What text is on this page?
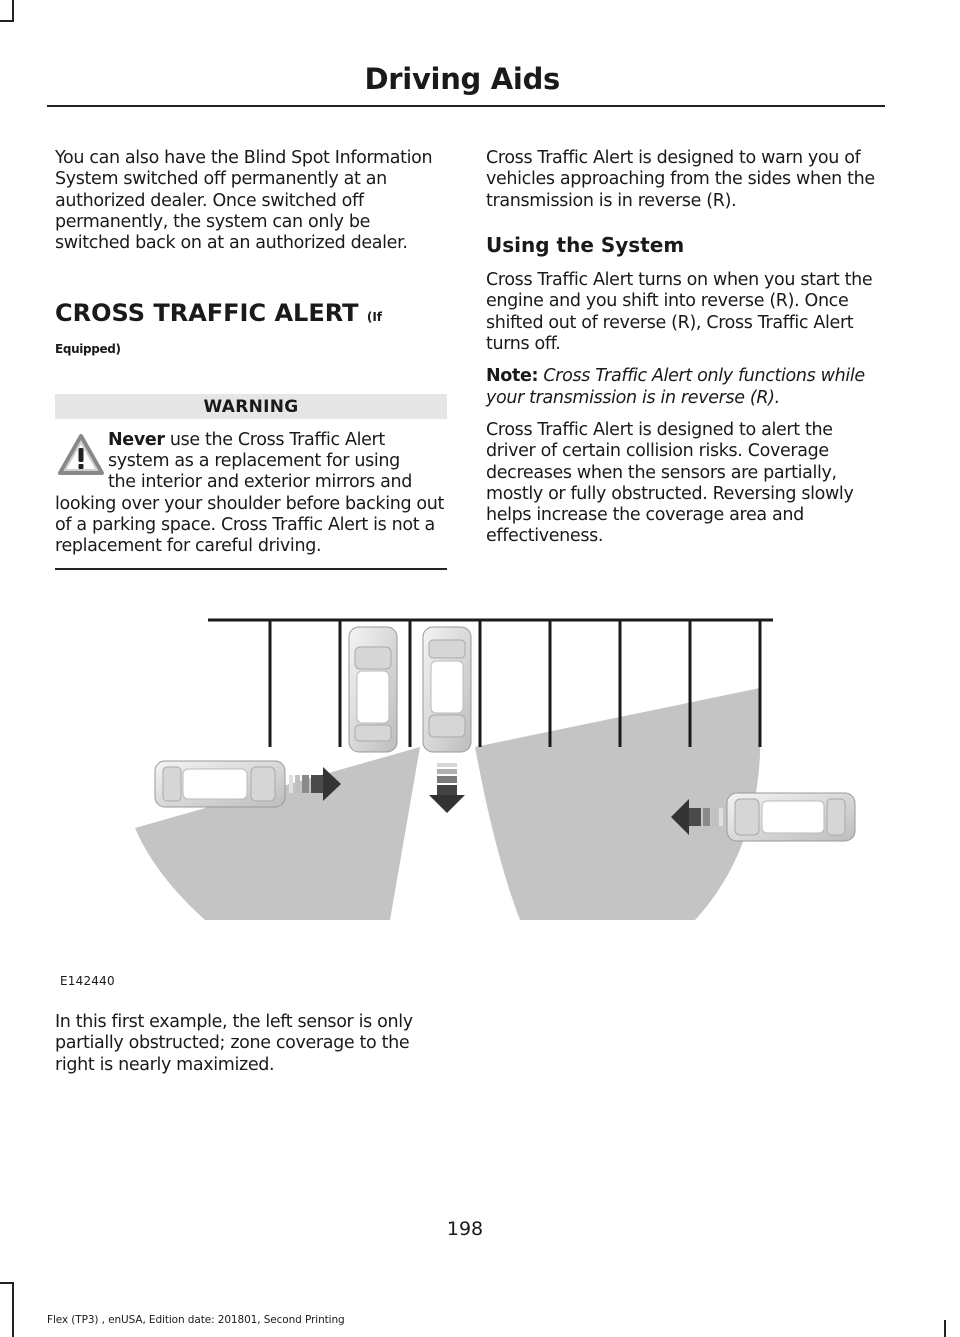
Driving Aids

You can also have the Blind Spot Information System switched off permanently at an authorized dealer. Once switched off permanently, the system can only be switched back on at an authorized dealer.

CROSS TRAFFIC ALERT (If
Equipped)
WARNING
Never use the Cross Traffic Alert
system as a replacement for using
the interior and exterior mirrors and
looking over your shoulder before backing out of a parking space. Cross Traffic Alert is not a replacement for careful driving.

Cross Traffic Alert is designed to warn you of vehicles approaching from the sides when the transmission is in reverse (R).

Using the System

Cross Traffic Alert turns on when you start the engine and you shift into reverse (R). Once shifted out of reverse (R), Cross Traffic Alert turns off.

Note: Cross Traffic Alert only functions while your transmission is in reverse (R).

Cross Traffic Alert is designed to alert the driver of certain collision risks. Coverage decreases when the sensors are partially, mostly or fully obstructed. Reversing slowly helps increase the coverage area and effectiveness.

E142440
In this first example, the left sensor is only partially obstructed; zone coverage to the right is nearly maximized.
198
Flex (TP3) , enUSA, Edition date: 201801, Second Printing
